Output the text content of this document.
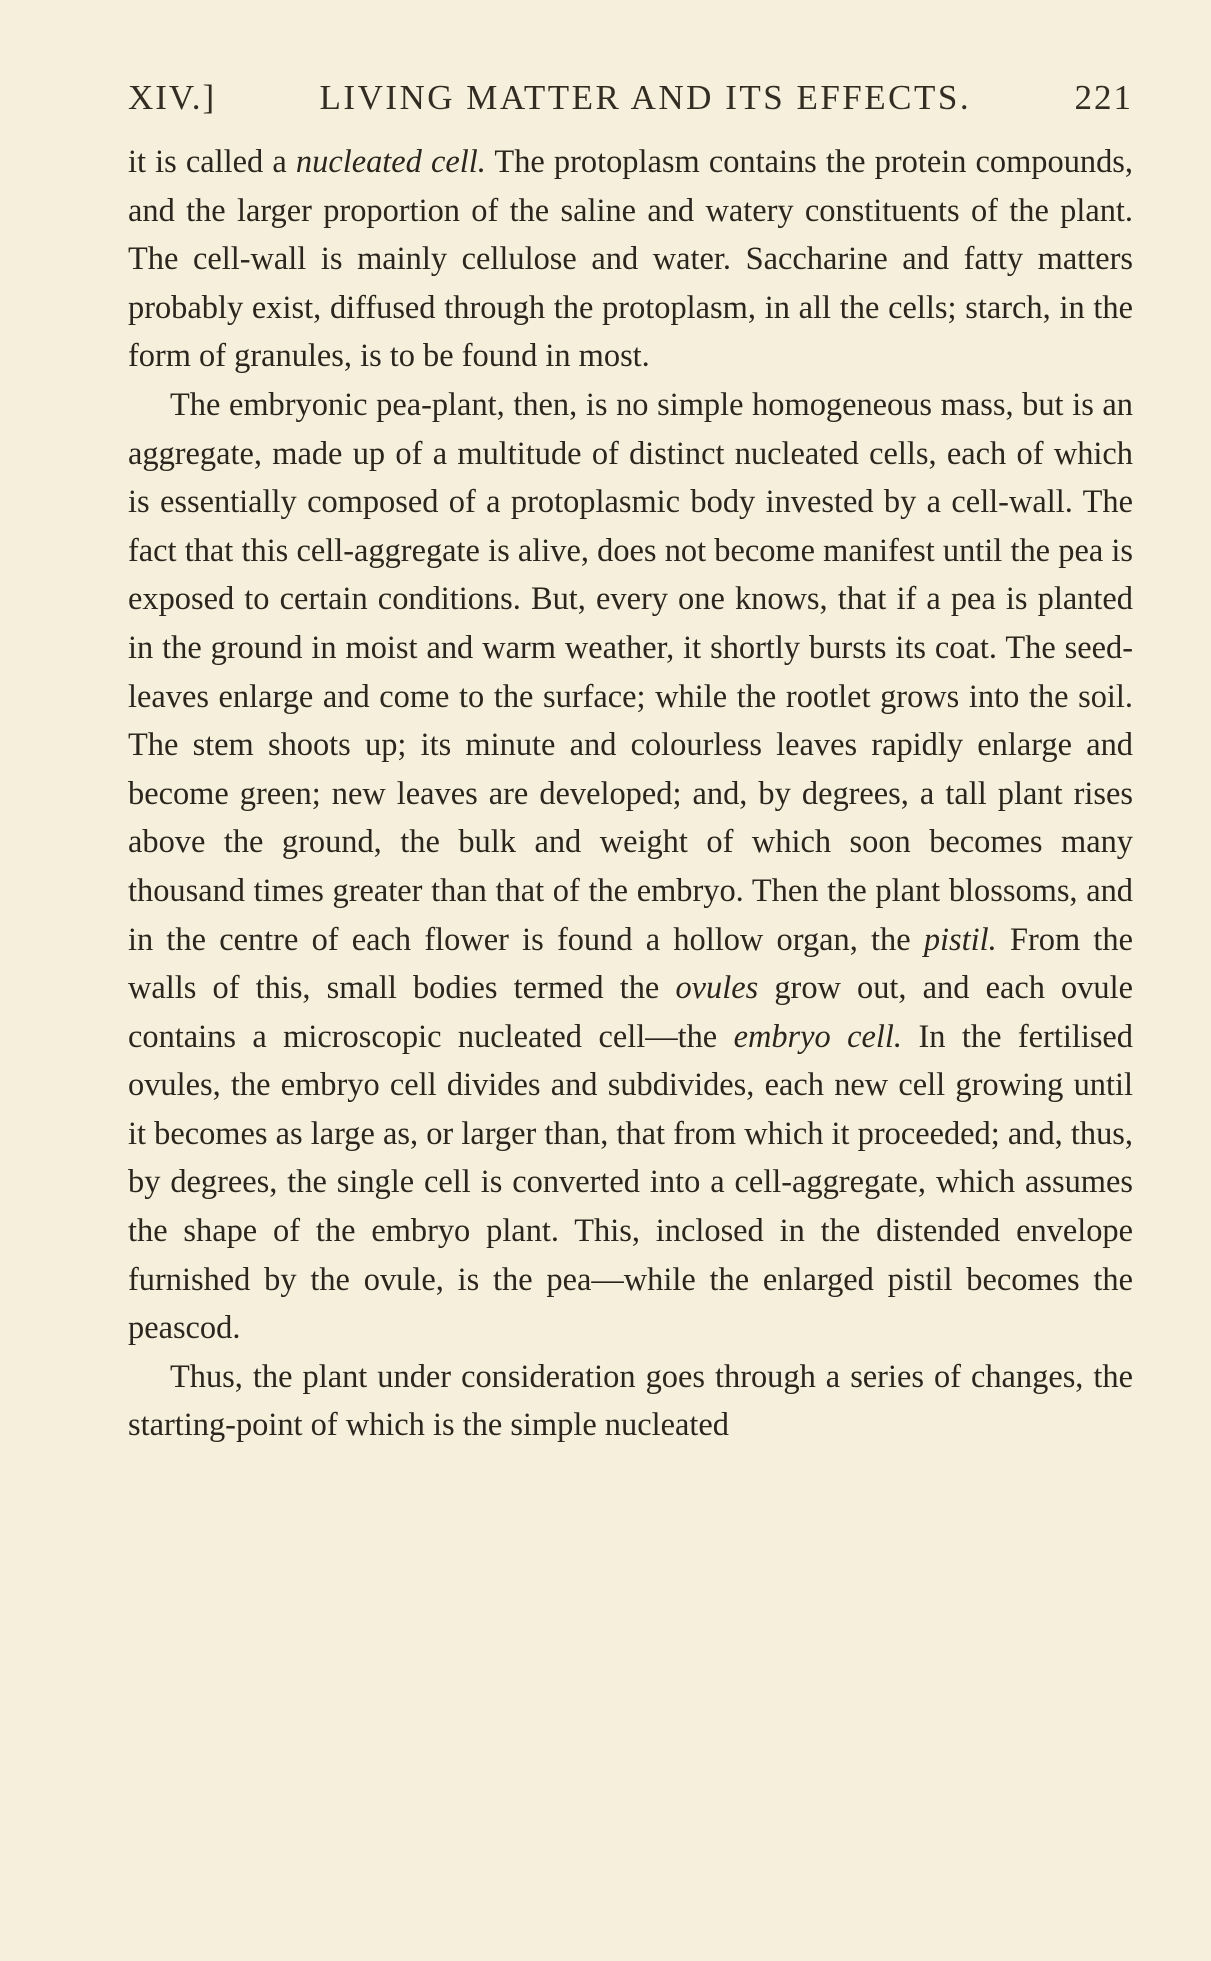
XIV.]	LIVING MATTER AND ITS EFFECTS.	221

it is called a nucleated cell. The protoplasm contains the protein compounds, and the larger proportion of the saline and watery constituents of the plant. The cell-wall is mainly cellulose and water. Saccharine and fatty matters probably exist, diffused through the protoplasm, in all the cells; starch, in the form of granules, is to be found in most.

The embryonic pea-plant, then, is no simple homogeneous mass, but is an aggregate, made up of a multitude of distinct nucleated cells, each of which is essentially composed of a protoplasmic body invested by a cell-wall. The fact that this cell-aggregate is alive, does not become manifest until the pea is exposed to certain conditions. But, every one knows, that if a pea is planted in the ground in moist and warm weather, it shortly bursts its coat. The seed-leaves enlarge and come to the surface; while the rootlet grows into the soil. The stem shoots up; its minute and colourless leaves rapidly enlarge and become green; new leaves are developed; and, by degrees, a tall plant rises above the ground, the bulk and weight of which soon becomes many thousand times greater than that of the embryo. Then the plant blossoms, and in the centre of each flower is found a hollow organ, the pistil. From the walls of this, small bodies termed the ovules grow out, and each ovule contains a microscopic nucleated cell—the embryo cell. In the fertilised ovules, the embryo cell divides and subdivides, each new cell growing until it becomes as large as, or larger than, that from which it proceeded; and, thus, by degrees, the single cell is converted into a cell-aggregate, which assumes the shape of the embryo plant. This, inclosed in the distended envelope furnished by the ovule, is the pea—while the enlarged pistil becomes the peascod.

Thus, the plant under consideration goes through a series of changes, the starting-point of which is the simple nucleated
